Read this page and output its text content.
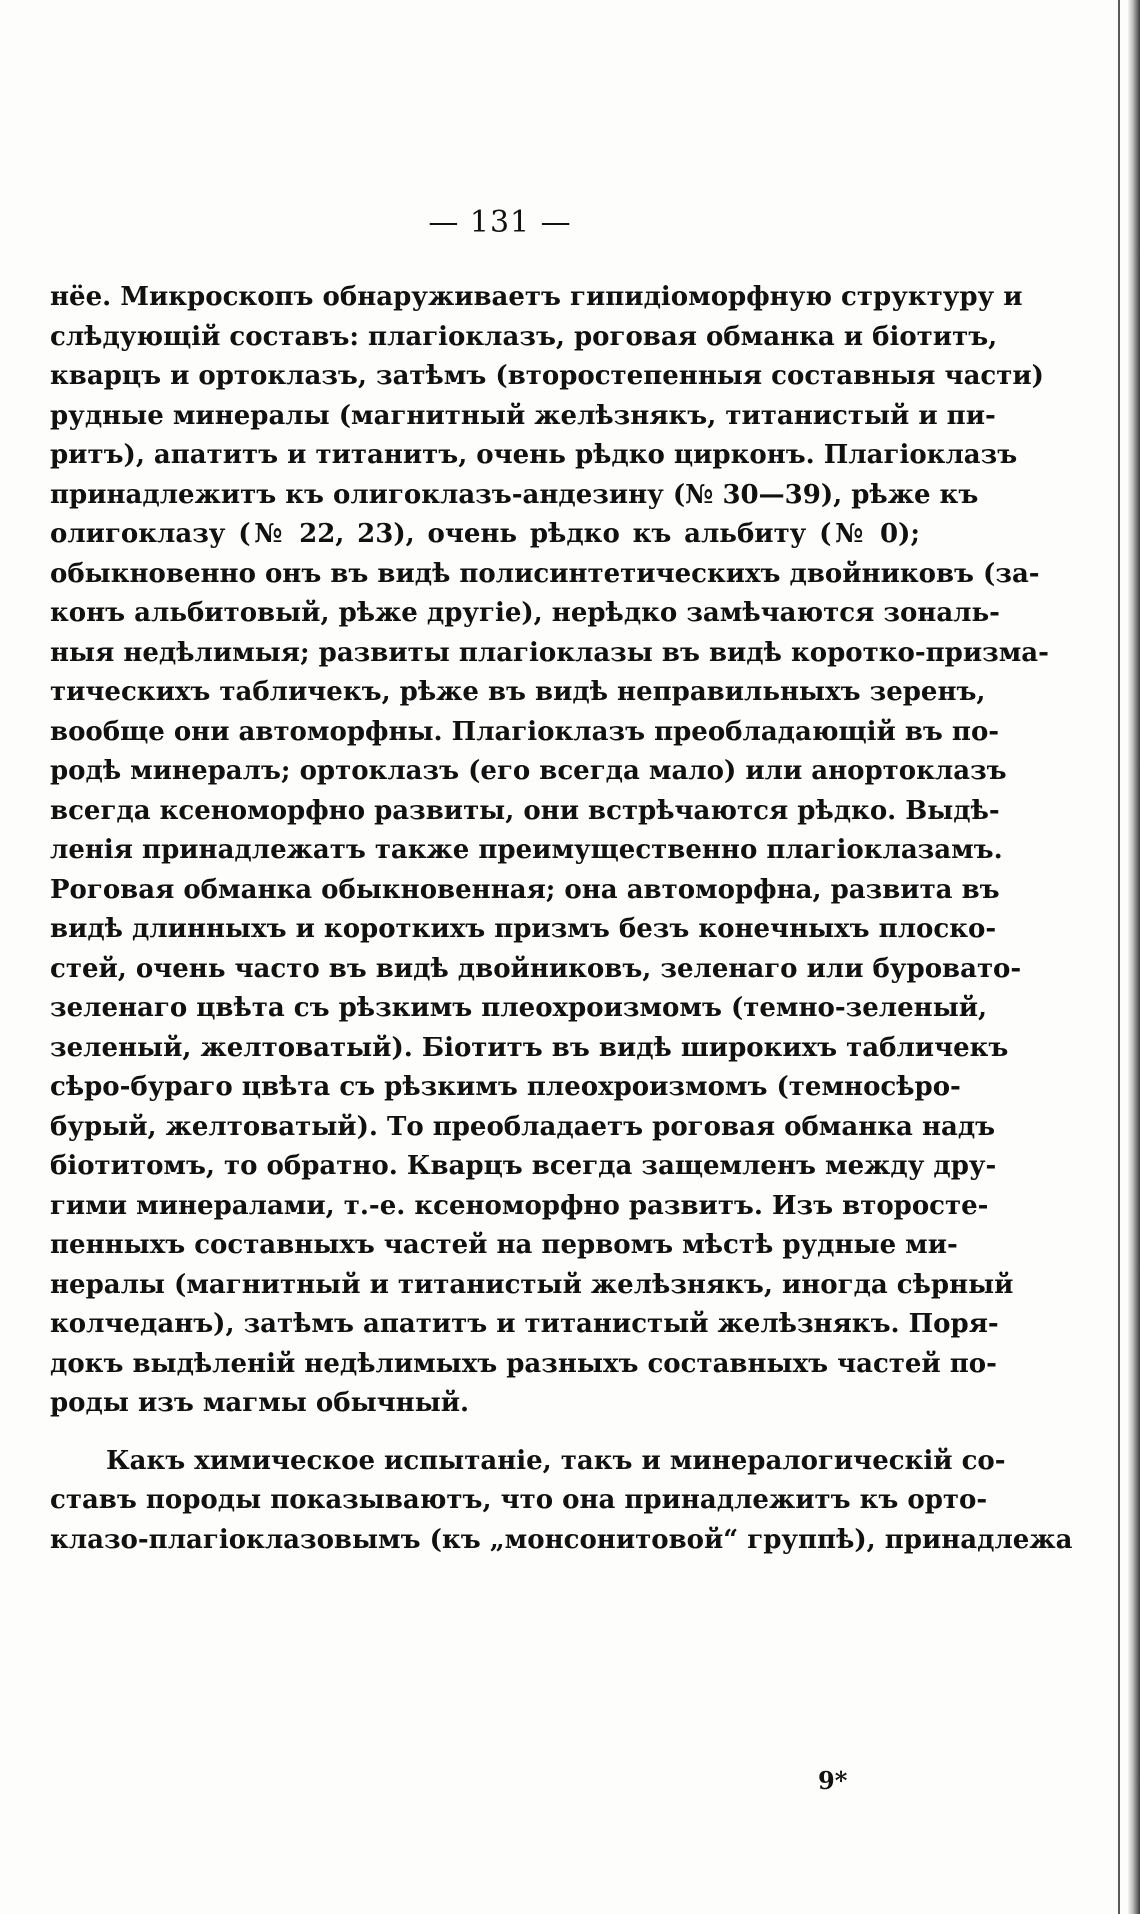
— 131 —
нёе. Микроскопъ обнаруживаетъ гипидіоморфную структуру и
слѣдующій составъ: плагіоклазъ, роговая обманка и біотитъ,
кварцъ и ортоклазъ, затѣмъ (второстепенныя составныя части)
рудные минералы (магнитный желѣзнякъ, титанистый и пи-
ритъ), апатитъ и титанитъ, очень рѣдко цирконъ. Плагіоклазъ
принадлежитъ къ олигоклазъ-андезину (№ 30—39), рѣже къ
олигоклазу (№ 22, 23), очень рѣдко къ альбиту (№ 0);
обыкновенно онъ въ видѣ полисинтетическихъ двойниковъ (за-
конъ альбитовый, рѣже другіе), нерѣдко замѣчаются зональ-
ныя недѣлимыя; развиты плагіоклазы въ видѣ коротко-призма-
тическихъ табличекъ, рѣже въ видѣ неправильныхъ зеренъ,
вообще они автоморфны. Плагіоклазъ преобладающій въ по-
родѣ минералъ; ортоклазъ (его всегда мало) или анортоклазъ
всегда ксеноморфно развиты, они встрѣчаются рѣдко. Выдѣ-
ленія принадлежатъ также преимущественно плагіоклазамъ.
Роговая обманка обыкновенная; она автоморфна, развита въ
видѣ длинныхъ и короткихъ призмъ безъ конечныхъ плоско-
стей, очень часто въ видѣ двойниковъ, зеленаго или буровато-
зеленаго цвѣта съ рѣзкимъ плеохроизмомъ (темно-зеленый,
зеленый, желтоватый). Біотитъ въ видѣ широкихъ табличекъ
сѣро-бураго цвѣта съ рѣзкимъ плеохроизмомъ (темносѣро-
бурый, желтоватый). То преобладаетъ роговая обманка надъ
біотитомъ, то обратно. Кварцъ всегда защемленъ между дру-
гими минералами, т.-е. ксеноморфно развитъ. Изъ второсте-
пенныхъ составныхъ частей на первомъ мѣстѣ рудные ми-
нералы (магнитный и титанистый желѣзнякъ, иногда сѣрный
колчеданъ), затѣмъ апатитъ и титанистый желѣзнякъ. Поря-
докъ выдѣленій недѣлимыхъ разныхъ составныхъ частей по-
роды изъ магмы обычный.
Какъ химическое испытаніе, такъ и минералогическій со-
ставъ породы показываютъ, что она принадлежитъ къ орто-
клазо-плагіоклазовымъ (къ „монсонитовой“ группѣ), принадлежа
9*
